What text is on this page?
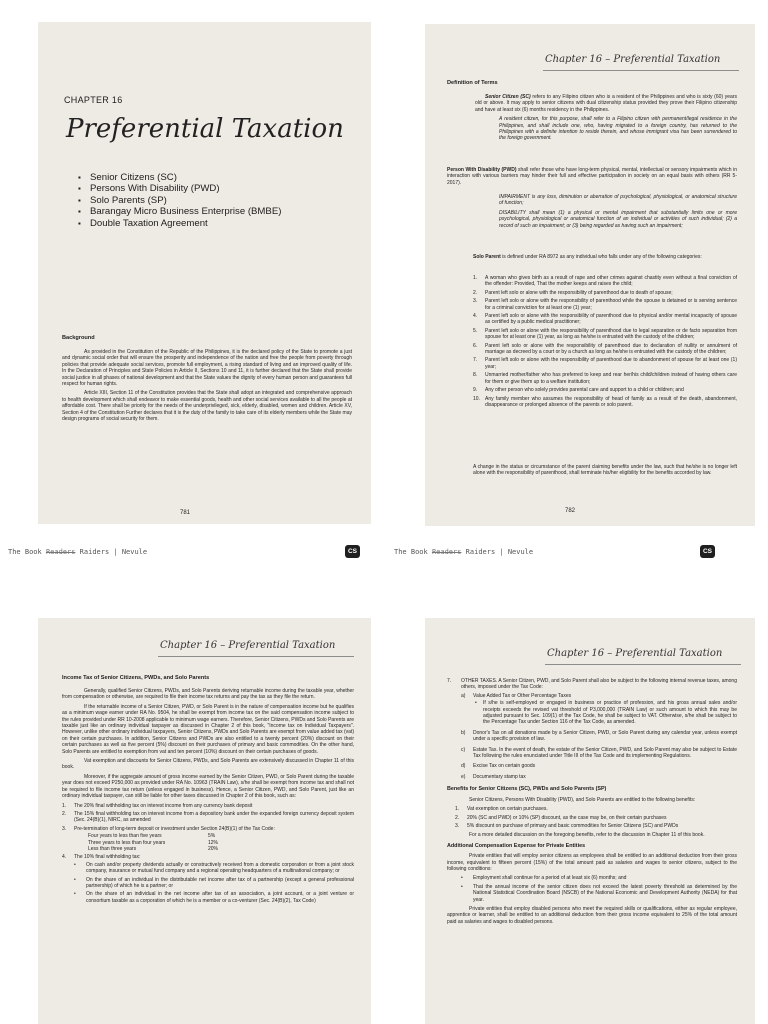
CHAPTER 16
Preferential Taxation
▪ Senior Citizens (SC)
▪ Persons With Disability (PWD)
▪ Solo Parents (SP)
▪ Barangay Micro Business Enterprise (BMBE)
▪ Double Taxation Agreement
Background

As provided in the Constitution of the Republic of the Philippines, it is the declared policy of the State to promote a just and dynamic social order that will ensure the prosperity and independence of the nation and free the people from poverty through policies that provide adequate social services, promote full employment, a rising standard of living and an improved quality of life. In the Declaration of Principles and State Policies in Article II, Sections 10 and 11, it is further declared that the State shall provide social justice in all phases of national development and that the State values the dignity of every human person and guarantees full respect for human rights.

Article XIII, Section 11 of the Constitution provides that the State shall adopt an integrated and comprehensive approach to health development which shall endeavor to make essential goods, health and other social services available to all the people at affordable cost. There shall be priority for the needs of the underprivileged, sick, elderly, disabled, women and children. Article XV, Section 4 of the Constitution Further declares that it is the duty of the family to take care of its elderly members while the State may design programs of social security for them.

781
The Book Readers Raiders | Nevule	CS
Chapter 16 – Preferential Taxation
Definition of Terms

Senior Citizen (SC) refers to any Filipino citizen who is a resident of the Philippines and who is sixty (60) years old or above. It may apply to senior citizens with dual citizenship status provided they prove their Filipino citizenship and have at least six (6) months residency in the Philippines.

A resident citizen, for this purpose, shall refer to a Filipino citizen with permanent/legal residence in the Philippines, and shall include one, who, having migrated to a foreign country, has returned to the Philippines with a definite intention to reside therein, and whose immigrant visa has been surrendered to the foreign government.

Person With Disability (PWD) shall refer those who have long-term physical, mental, intellectual or sensory impairments which in interaction with various barriers may hinder their full and effective participation in society on an equal basis with others (RR 5-2017).

IMPAIRMENT is any loss, diminution or aberration of psychological, physiological, or anatomical structure of function;

DISABILITY shall mean (1) a physical or mental impairment that substantially limits one or more psychological, physiological or anatomical function of an individual or activities of such individual; (2) a record of such an impairment; or (3) being regarded as having such an impairment;

Solo Parent is defined under RA 8972 as any individual who falls under any of the following categories:

1. A woman who gives birth as a result of rape and other crimes against chastity even without a final conviction of the offender: Provided, That the mother keeps and raises the child;
2. Parent left solo or alone with the responsibility of parenthood due to death of spouse;
3. Parent left solo or alone with the responsibility of parenthood while the spouse is detained or is serving sentence for a criminal conviction for at least one (1) year;
4. Parent left solo or alone with the responsibility of parenthood due to physical and/or mental incapacity of spouse as certified by a public medical practitioner;
5. Parent left solo or alone with the responsibility of parenthood due to legal separation or de facto separation from spouse for at least one (1) year, as long as he/she is entrusted with the custody of the children;
6. Parent left solo or alone with the responsibility of parenthood due to declaration of nullity or annulment of marriage as decreed by a court or by a church as long as he/she is entrusted with the custody of the children;
7. Parent left solo or alone with the responsibility of parenthood due to abandonment of spouse for at least one (1) year;
8. Unmarried mother/father who has preferred to keep and rear her/his child/children instead of having others care for them or give them up to a welfare institution;
9. Any other person who solely provides parental care and support to a child or children; and
10. Any family member who assumes the responsibility of head of family as a result of the death, abandonment, disappearance or prolonged absence of the parents or solo parent.
A change in the status or circumstance of the parent claiming benefits under the law, such that he/she is no longer left alone with the responsibility of parenthood, shall terminate his/her eligibility for the benefits accorded by law.
782
The Book Readers Raiders | Nevule	CS
Chapter 16 – Preferential Taxation
Income Tax of Senior Citizens, PWDs, and Solo Parents

Generally, qualified Senior Citizens, PWDs, and Solo Parents deriving returnable income during the taxable year, whether from compensation or otherwise, are required to file their income tax returns and pay the tax as they file the return.

If the returnable income of a Senior Citizen, PWD, or Solo Parent is in the nature of compensation income but he qualifies as a minimum wage earner under RA No. 9504, he shall be exempt from income tax on the said compensation income subject to the rules provided under RR 10-2008 applicable to minimum wage earners. Therefore, Senior Citizens, PWDs and Solo Parents are taxable just like an ordinary individual taxpayer as discussed in Chapter 2 of this book, "Income tax on Individual Taxpayers". However, unlike other ordinary individual taxpayers, Senior Citizens, PWDs and Solo Parents are exempt from value added tax (vat) on their certain purchases. In addition, Senior Citizens and PWDs are also entitled to a twenty percent (20%) discount on their certain purchases as well as five percent (5%) discount on their purchases of primary and basic commodities. On the other hand, Solo Parents are entitled to exemption from vat and ten percent (10%) discount on their certain purchases of goods.

Vat exemption and discounts for Senior Citizens, PWDs, and Solo Parents are extensively discussed in Chapter 11 of this book.

Moreover, if the aggregate amount of gross income earned by the Senior Citizen, PWD, or Solo Parent during the taxable year does not exceed P250,000 as provided under RA No. 10963 (TRAIN Law), s/he shall be exempt from income tax and shall not be required to file income tax return (unless engaged in business). Hence, a Senior Citizen, PWD, and Solo Parent, just like an ordinary individual taxpayer, can still be liable for other taxes discussed in Chapter 2 of this book, such as:

1. The 20% final withholding tax on interest income from any currency bank deposit
2. The 15% final withholding tax on interest income from a depository bank under the expanded foreign currency deposit system (Sec. 24(B)(1), NIRC, as amended
3. Pre-termination of long-term deposit or investment under Section 24(B)(1) of the Tax Code:
Four years to less than five years	5%
Three years to less than four years	12%
Less than three years	20%
4. The 10% final withholding tax:
• On cash and/or property dividends actually or constructively received from a domestic corporation or from a joint stock company, insurance or mutual fund company and a regional operating headquarters of a multinational company; or
• On the share of an individual in the distributable net income after tax of a partnership (except a general professional partnership) of which he is a partner; or
• On the share of an individual in the net income after tax of an association, a joint account, or a joint venture or consortium taxable as a corporation of which he is a member or a co-venturer (Sec. 24(B)(2), Tax Code)
Chapter 16 – Preferential Taxation
7. OTHER TAXES. A Senior Citizen, PWD, and Solo Parent shall also be subject to the following internal revenue taxes, among others, imposed under the Tax Code:
a) Value Added Tax or Other Percentage Taxes
• If s/he is self-employed or engaged in business or practice of profession, and his gross annual sales and/or receipts exceeds the revised vat threshold of P3,000,000 (TRAIN Law) or such amount to which this may be adjusted pursuant to Sec. 109(1) of the Tax Code, he shall be subject to VAT. Otherwise, s/he shall be subject to the Percentage Tax under Section 116 of the Tax Code, as amended.
b) Donor's Tax on all donations made by a Senior Citizen, PWD, or Solo Parent during any calendar year, unless exempt under a specific provision of law.
c) Estate Tax. In the event of death, the estate of the Senior Citizen, PWD, and Solo Parent may also be subject to Estate Tax following the rules enunciated under Title III of the Tax Code and its implementing Regulations.
d) Excise Tax on certain goods
e) Documentary stamp tax
Benefits for Senior Citizens (SC), PWDs and Solo Parents (SP)

Senior Citizens, Persons With Disability (PWD), and Solo Parents are entitled to the following benefits:

1. Vat exemption on certain purchases.
2. 20% (SC and PWD) or 10% (SP) discount, as the case may be, on their certain purchases
3. 5% discount on purchase of primary and basic commodities for Senior Citizens (SC) and PWDs

For a more detailed discussion on the foregoing benefits, refer to the discussion in Chapter 11 of this book.

Additional Compensation Expense for Private Entities

Private entities that will employ senior citizens as employees shall be entitled to an additional deduction from their gross income, equivalent to fifteen percent (15%) of the total amount paid as salaries and wages to senior citizens, subject to the following conditions:

• Employment shall continue for a period of at least six (6) months; and
• That the annual income of the senior citizen does not exceed the latest poverty threshold as determined by the National Statistical Coordination Board (NSCB) of the National Economic and Development Authority (NEDA) for that year.

Private entities that employ disabled persons who meet the required skills or qualifications, either as regular employee, apprentice or learner, shall be entitled to an additional deduction from their gross income equivalent to 25% of the total amount paid as salaries and wages to disabled persons.
